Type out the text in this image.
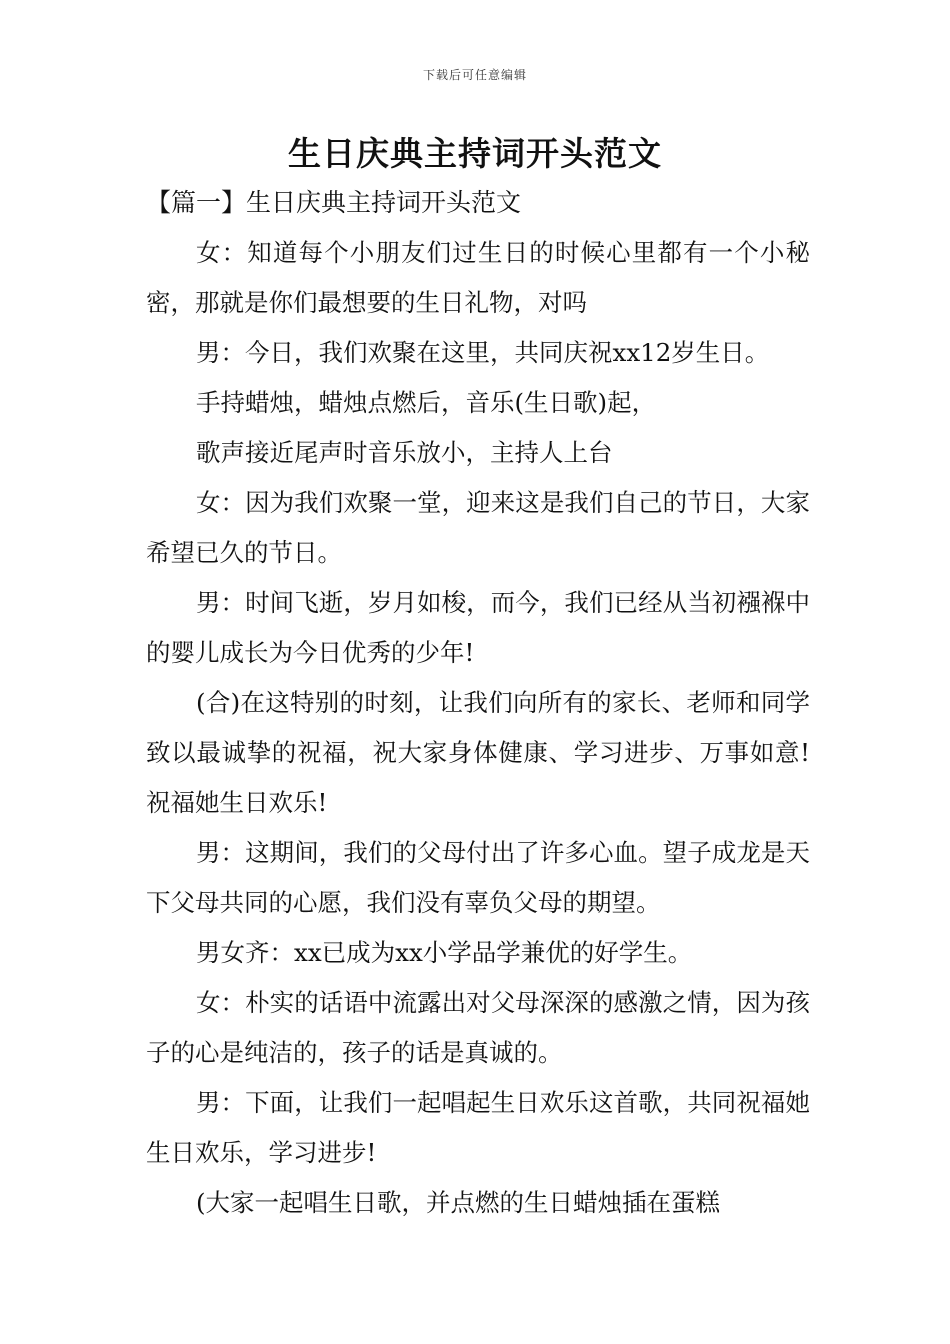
下载后可任意编辑
生日庆典主持词开头范文
【篇一】生日庆典主持词开头范文

女：知道每个小朋友们过生日的时候心里都有一个小秘密，那就是你们最想要的生日礼物，对吗

男：今日，我们欢聚在这里，共同庆祝xx12岁生日。

手持蜡烛，蜡烛点燃后，音乐(生日歌)起，

歌声接近尾声时音乐放小，主持人上台

女：因为我们欢聚一堂，迎来这是我们自己的节日，大家希望已久的节日。

男：时间飞逝，岁月如梭，而今，我们已经从当初襁褓中的婴儿成长为今日优秀的少年!

(合)在这特别的时刻，让我们向所有的家长、老师和同学致以最诚挚的祝福，祝大家身体健康、学习进步、万事如意!祝福她生日欢乐!

男：这期间，我们的父母付出了许多心血。望子成龙是天下父母共同的心愿，我们没有辜负父母的期望。

男女齐：xx已成为xx小学品学兼优的好学生。

女：朴实的话语中流露出对父母深深的感激之情，因为孩子的心是纯洁的，孩子的话是真诚的。

男：下面，让我们一起唱起生日欢乐这首歌，共同祝福她生日欢乐，学习进步!

(大家一起唱生日歌，并点燃的生日蜡烛插在蛋糕
